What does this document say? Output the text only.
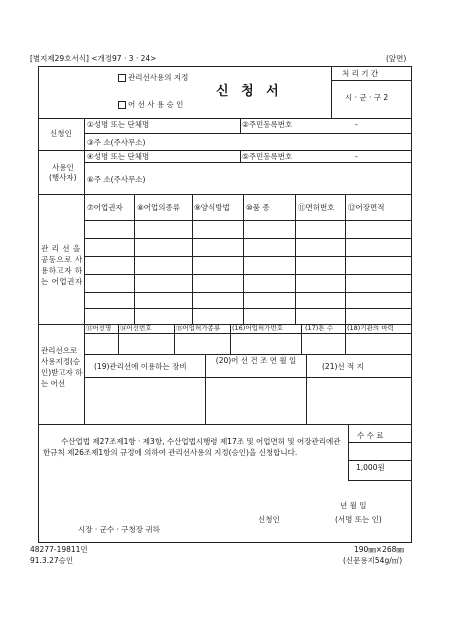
[별지제29호서식] <개정97 · 3 · 24>	(앞면)
관리선사용의 지정
신 청 서
어 선 사 용 승 인
처 리 기 간
시 · 군 · 구 2
신청인
①성명 또는 단체명	②주민등록번호	-
③주 소(주사무소)
사용인
(행사자)
④성명 또는 단체명	⑤주민등록번호	-
⑥주 소(주사무소)
⑦어업권자 ⑧어업의종류 ⑨양식방법 ⑩품 종	⑪면허번호 ⑫어장면적
관 리 선 을 공동으로 사용하고자 하는 어업권자
관리선으로 사용지정(승인)받고자 하는 어선
⑬어선명 ⑭어선번호	⑮어업허가종류 (16)어업허가번호	(17)톤 수 (18)기관의 마력
(19)관리선에 이용하는 장비
(20)어 선 건 조 연 월 일
(21)선 적 지
수 수 료
1,000원
수산업법 제27조제1항 · 제3항, 수산업법시행령 제17조 및 어업면허 및 어장관리에관한규칙 제26조제1항의 규정에 의하여 관리선사용의 지정(승인)을 신청합니다.
년 월 일
신청인	(서명 또는 인)
시장 · 군수 · 구청장 귀하
48277-19811민
91.3.27승인
190㎜×268㎜
(신문용지54g/㎡)
